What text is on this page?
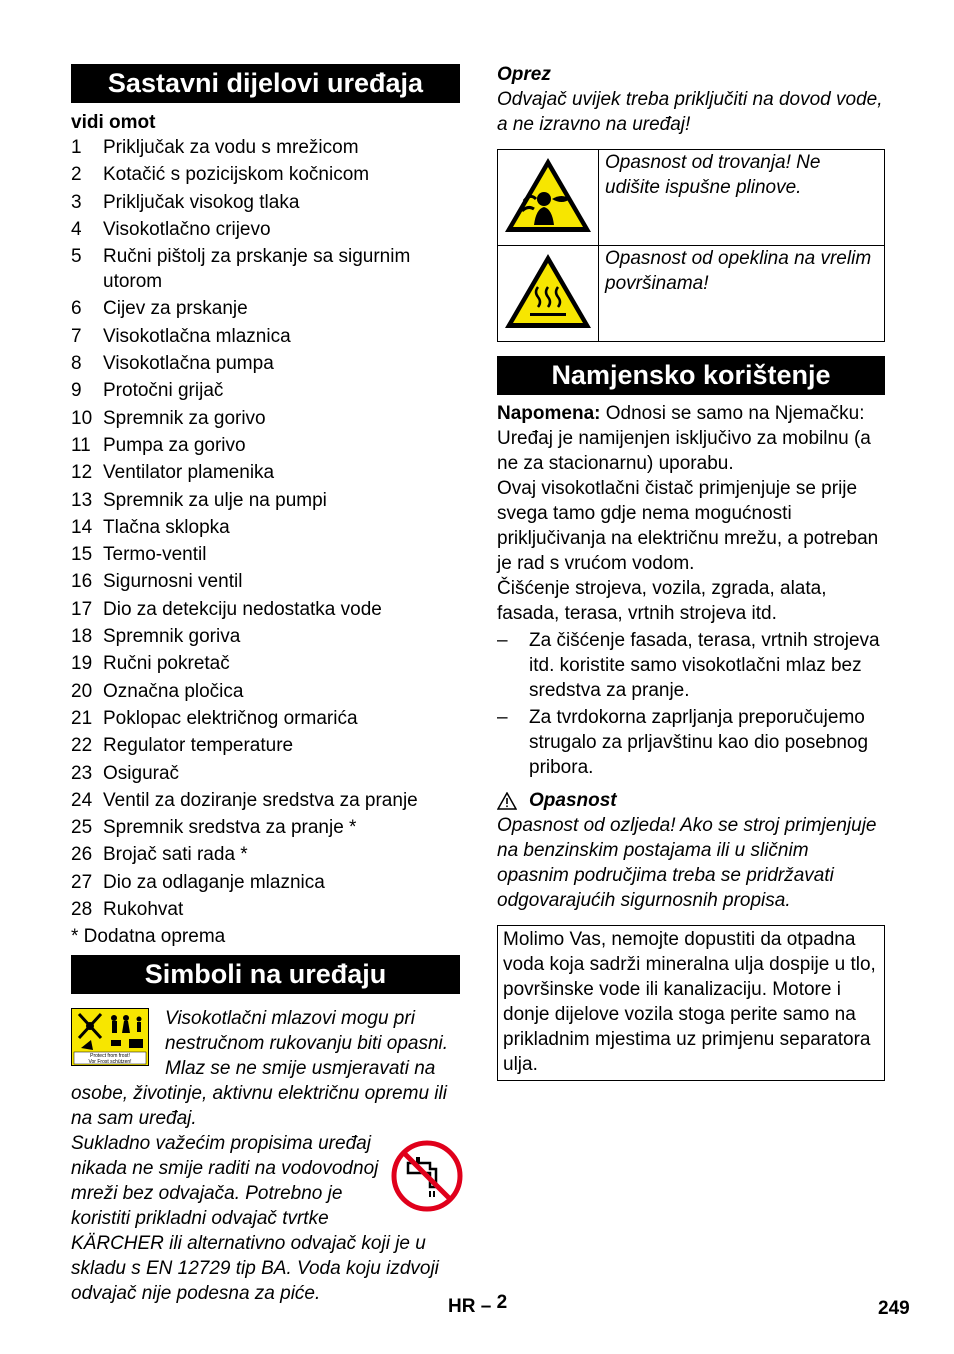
Sastavni dijelovi uređaja
vidi omot
1	Priključak za vodu s mrežicom
2	Kotačić s pozicijskom kočnicom
3	Priključak visokog tlaka
4	Visokotlačno crijevo
5	Ručni pištolj za prskanje sa sigurnim utorom
6	Cijev za prskanje
7	Visokotlačna mlaznica
8	Visokotlačna pumpa
9	Protočni grijač
10 Spremnik za gorivo
11 Pumpa za gorivo
12 Ventilator plamenika
13 Spremnik za ulje na pumpi
14 Tlačna sklopka
15 Termo-ventil
16 Sigurnosni ventil
17 Dio za detekciju nedostatka vode
18 Spremnik goriva
19 Ručni pokretač
20 Označna pločica
21 Poklopac električnog ormarića
22 Regulator temperature
23 Osigurač
24 Ventil za doziranje sredstva za pranje
25 Spremnik sredstva za pranje *
26 Brojač sati rada *
27 Dio za odlaganje mlaznica
28 Rukohvat
* Dodatna oprema
Simboli na uređaju
Protect from frost!
Vor Frost schützen!

Visokotlačni mlazovi mogu pri nestručnom rukovanju biti opasni. Mlaz se ne smije usmjeravati na osobe, životinje, aktivnu električnu opremu ili na sam uređaj.

Sukladno važećim propisima uređaj nikada ne smije raditi na vodovodnoj mreži bez odvajača. Potrebno je koristiti prikladni odvajač tvrtke KÄRCHER ili alternativno odvajač koji je u skladu s EN 12729 tip BA. Voda koju izdvoji odvajač nije podesna za piće.

Oprez

Odvajač uvijek treba priključiti na dovod vode, a ne izravno na uređaj!

	Opasnost od trovanja! Ne udišite ispušne plinove.
	Opasnost od opeklina na vrelim površinama!
Namjensko korištenje

Napomena: Odnosi se samo na Njemačku: Uređaj je namijenjen isključivo za mobilnu (a ne za stacionarnu) uporabu.

Ovaj visokotlačni čistač primjenjuje se prije svega tamo gdje nema mogućnosti priključivanja na električnu mrežu, a potreban je rad s vrućom vodom.

Čišćenje strojeva, vozila, zgrada, alata, fasada, terasa, vrtnih strojeva itd.

–	Za čišćenje fasada, terasa, vrtnih strojeva itd. koristite samo visokotlačni mlaz bez sredstva za pranje.
–	Za tvrdokorna zaprljanja preporučujemo strugalo za prljavštinu kao dio posebnog pribora.
Opasnost

Opasnost od ozljeda! Ako se stroj primjenjuje na benzinskim postajama ili u sličnim opasnim područjima treba se pridržavati odgovarajućih sigurnosnih propisa.

Molimo Vas, nemojte dopustiti da otpadna voda koja sadrži mineralna ulja dospije u tlo, površinske vode ili kanalizaciju. Motore i donje dijelove vozila stoga perite samo na prikladnim mjestima uz primjenu separatora ulja.
HR – 2	249
